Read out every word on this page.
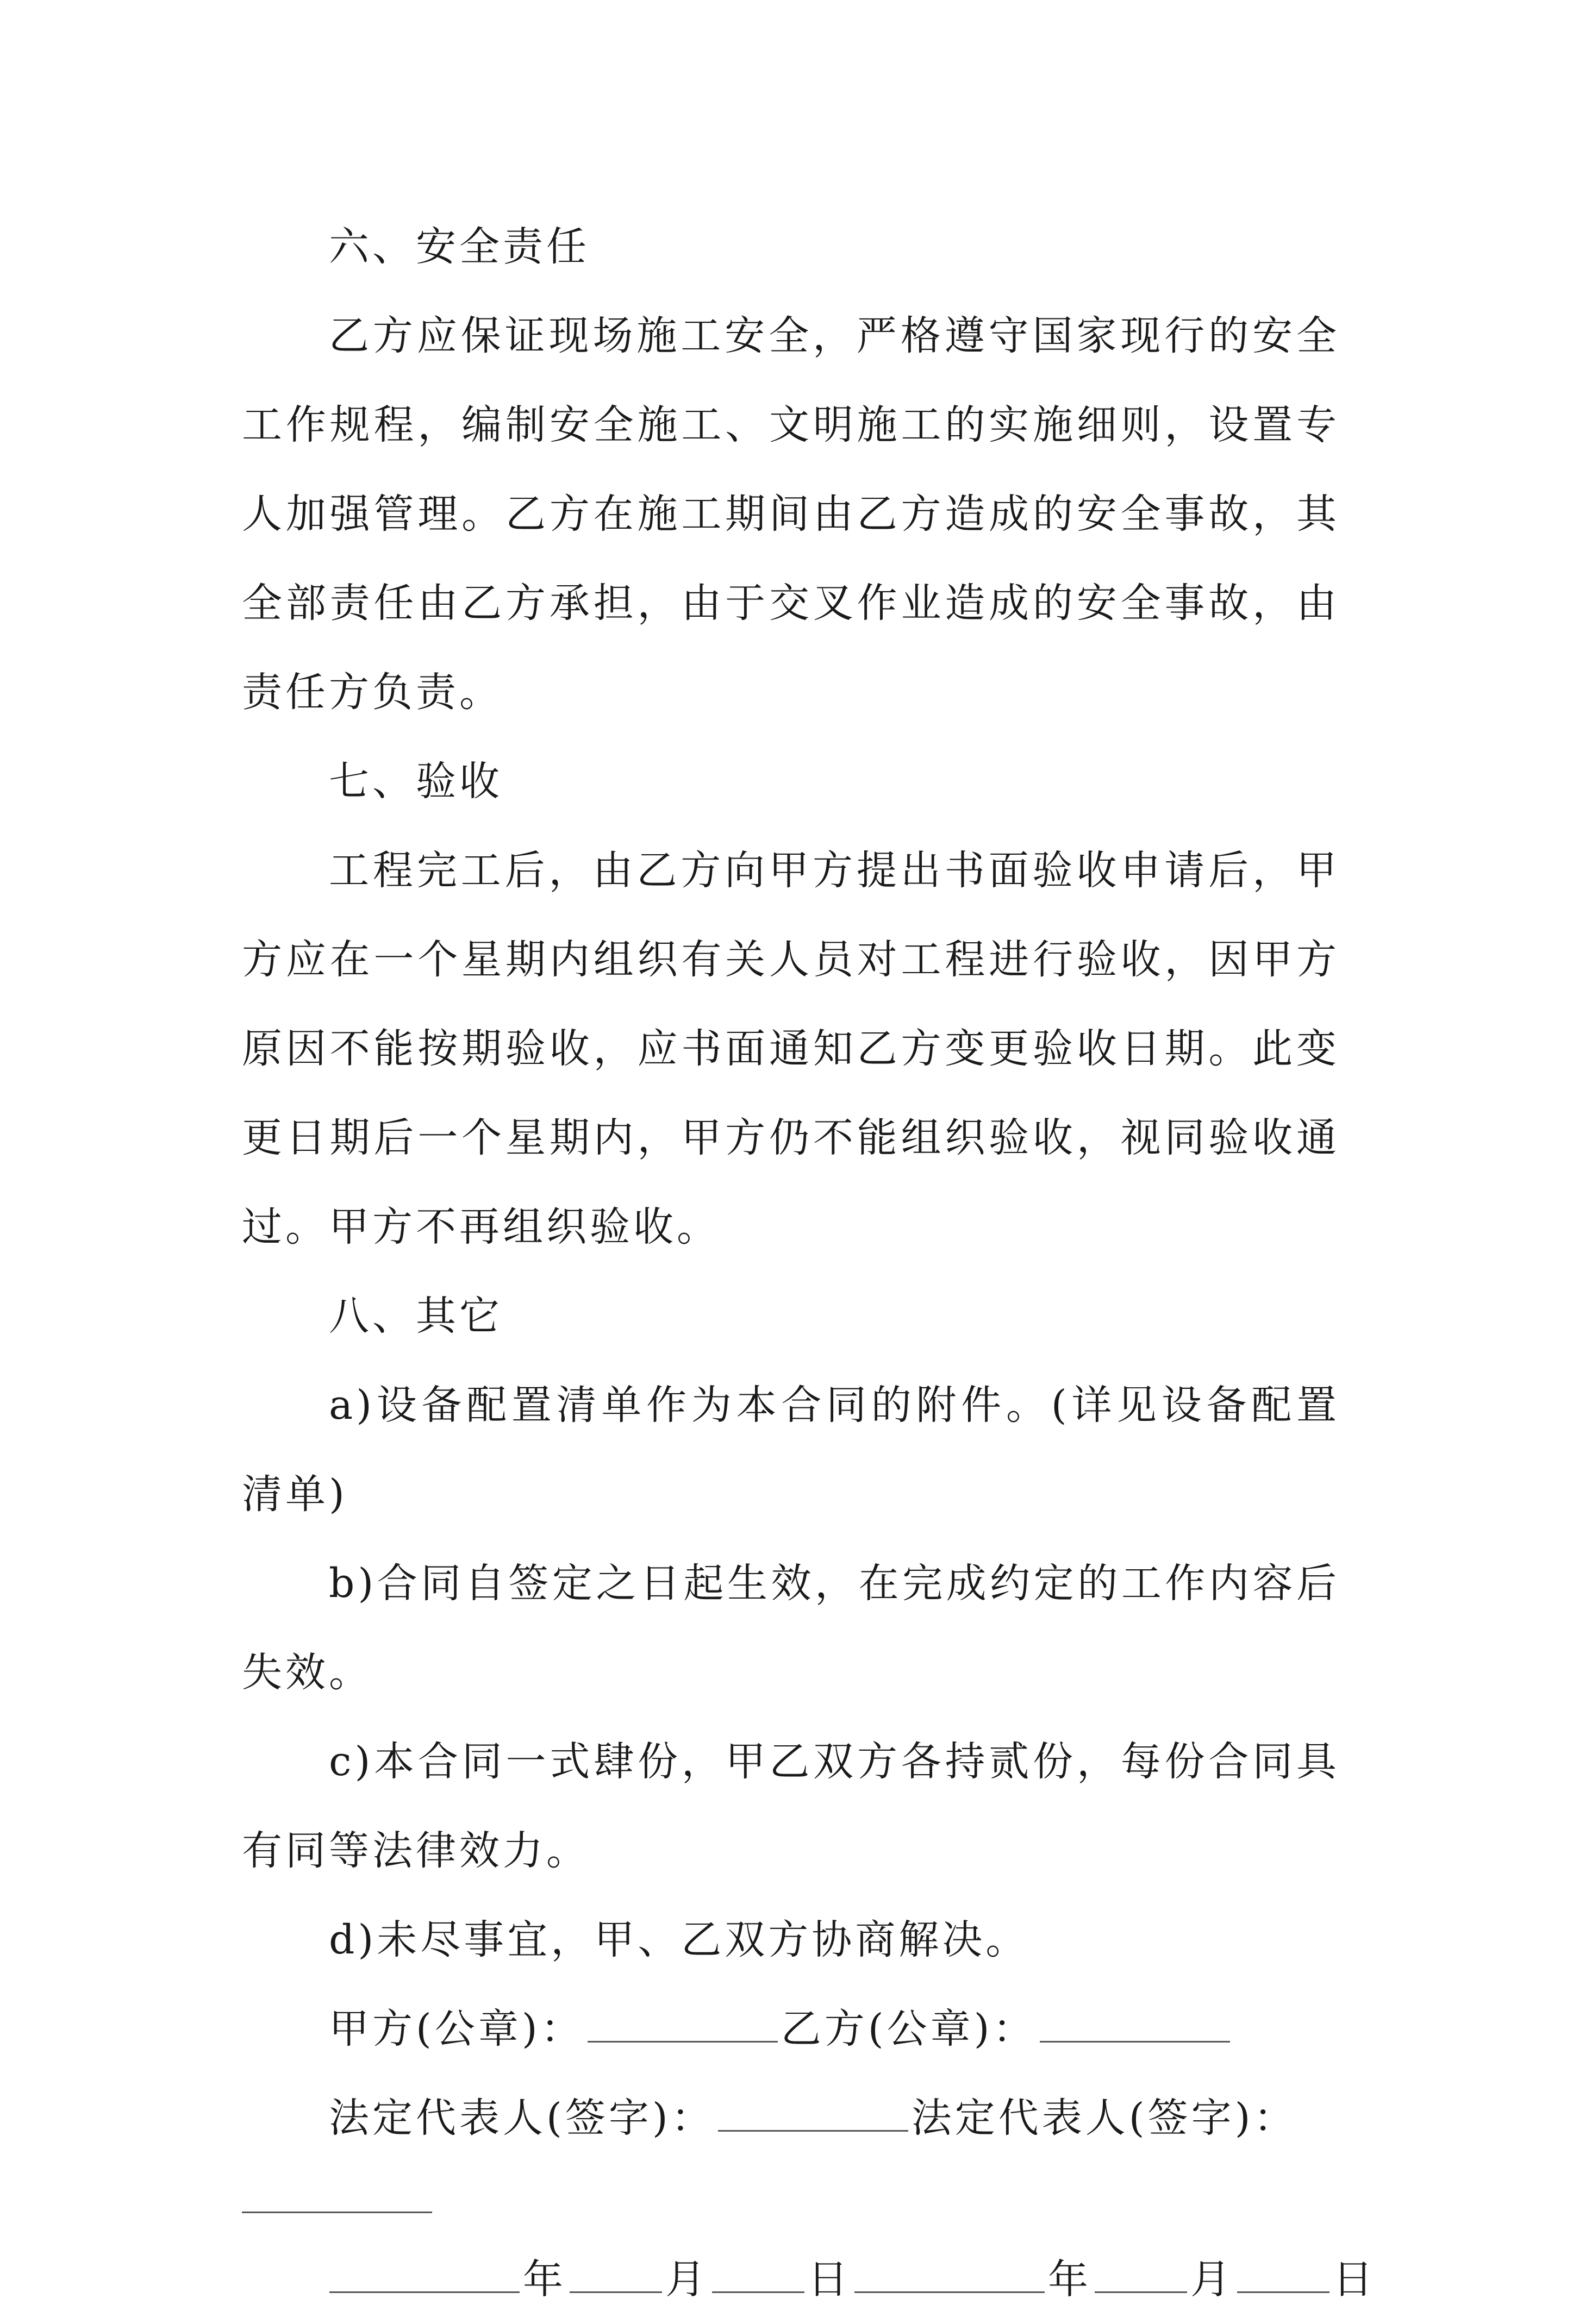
六、安全责任

乙方应保证现场施工安全，严格遵守国家现行的安全工作规程，编制安全施工、文明施工的实施细则，设置专人加强管理。乙方在施工期间由乙方造成的安全事故，其全部责任由乙方承担，由于交叉作业造成的安全事故，由责任方负责。

七、验收

工程完工后，由乙方向甲方提出书面验收申请后，甲方应在一个星期内组织有关人员对工程进行验收，因甲方原因不能按期验收，应书面通知乙方变更验收日期。此变更日期后一个星期内，甲方仍不能组织验收，视同验收通过。甲方不再组织验收。

八、其它

a)设备配置清单作为本合同的附件。(详见设备配置清单)

b)合同自签定之日起生效，在完成约定的工作内容后失效。

c)本合同一式肆份，甲乙双方各持贰份，每份合同具有同等法律效力。

d)未尽事宜，甲、乙双方协商解决。

甲方(公章)：	乙方(公章)：
法定代表人(签字)：	法定代表人(签字)：
年 月 日	年 月 日
